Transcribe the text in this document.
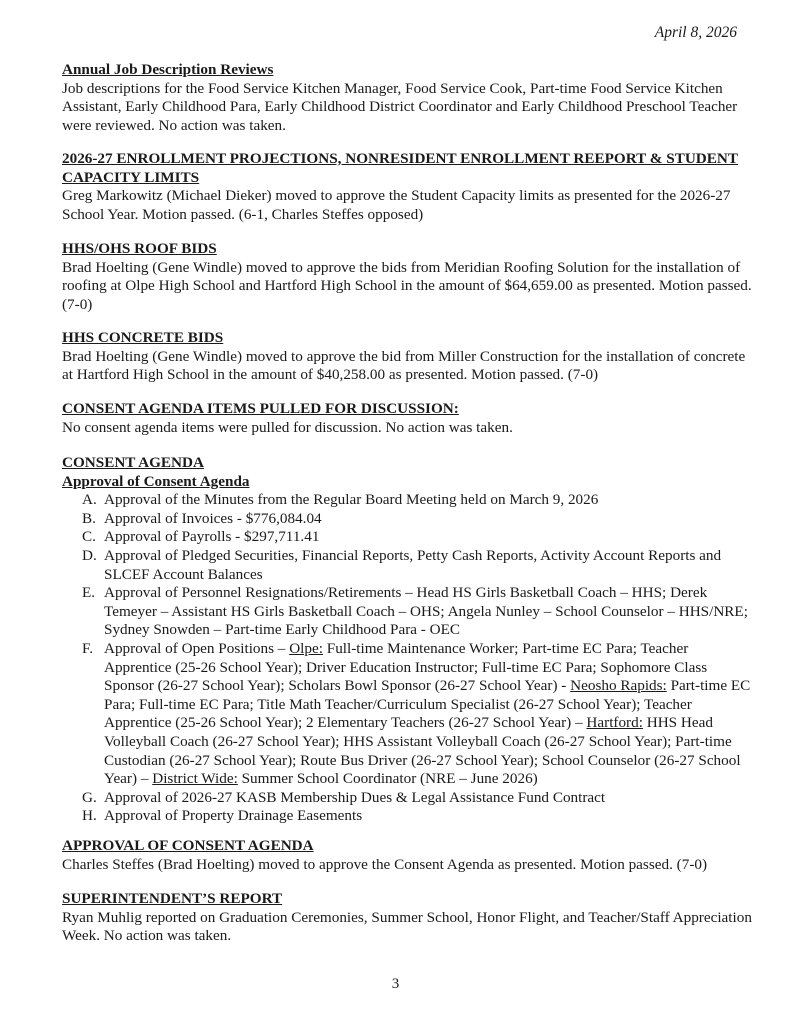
April 8, 2026
Annual Job Description Reviews
Job descriptions for the Food Service Kitchen Manager, Food Service Cook, Part-time Food Service Kitchen Assistant, Early Childhood Para, Early Childhood District Coordinator and Early Childhood Preschool Teacher were reviewed. No action was taken.
2026-27 ENROLLMENT PROJECTIONS, NONRESIDENT ENROLLMENT REEPORT & STUDENT CAPACITY LIMITS
Greg Markowitz (Michael Dieker) moved to approve the Student Capacity limits as presented for the 2026-27 School Year. Motion passed. (6-1, Charles Steffes opposed)
HHS/OHS ROOF BIDS
Brad Hoelting (Gene Windle) moved to approve the bids from Meridian Roofing Solution for the installation of roofing at Olpe High School and Hartford High School in the amount of $64,659.00 as presented. Motion passed. (7-0)
HHS CONCRETE BIDS
Brad Hoelting (Gene Windle) moved to approve the bid from Miller Construction for the installation of concrete at Hartford High School in the amount of $40,258.00 as presented. Motion passed. (7-0)
CONSENT AGENDA ITEMS PULLED FOR DISCUSSION:
No consent agenda items were pulled for discussion. No action was taken.
CONSENT AGENDA
Approval of Consent Agenda
A. Approval of the Minutes from the Regular Board Meeting held on March 9, 2026
B. Approval of Invoices - $776,084.04
C. Approval of Payrolls - $297,711.41
D. Approval of Pledged Securities, Financial Reports, Petty Cash Reports, Activity Account Reports and SLCEF Account Balances
E. Approval of Personnel Resignations/Retirements – Head HS Girls Basketball Coach – HHS; Derek Temeyer – Assistant HS Girls Basketball Coach – OHS; Angela Nunley – School Counselor – HHS/NRE; Sydney Snowden – Part-time Early Childhood Para - OEC
F. Approval of Open Positions – Olpe: Full-time Maintenance Worker; Part-time EC Para; Teacher Apprentice (25-26 School Year); Driver Education Instructor; Full-time EC Para; Sophomore Class Sponsor (26-27 School Year); Scholars Bowl Sponsor (26-27 School Year) - Neosho Rapids: Part-time EC Para; Full-time EC Para; Title Math Teacher/Curriculum Specialist (26-27 School Year); Teacher Apprentice (25-26 School Year); 2 Elementary Teachers (26-27 School Year) – Hartford: HHS Head Volleyball Coach (26-27 School Year); HHS Assistant Volleyball Coach (26-27 School Year); Part-time Custodian (26-27 School Year); Route Bus Driver (26-27 School Year); School Counselor (26-27 School Year) – District Wide: Summer School Coordinator (NRE – June 2026)
G. Approval of 2026-27 KASB Membership Dues & Legal Assistance Fund Contract
H. Approval of Property Drainage Easements
APPROVAL OF CONSENT AGENDA
Charles Steffes (Brad Hoelting) moved to approve the Consent Agenda as presented. Motion passed. (7-0)
SUPERINTENDENT’S REPORT
Ryan Muhlig reported on Graduation Ceremonies, Summer School, Honor Flight, and Teacher/Staff Appreciation Week. No action was taken.
3
